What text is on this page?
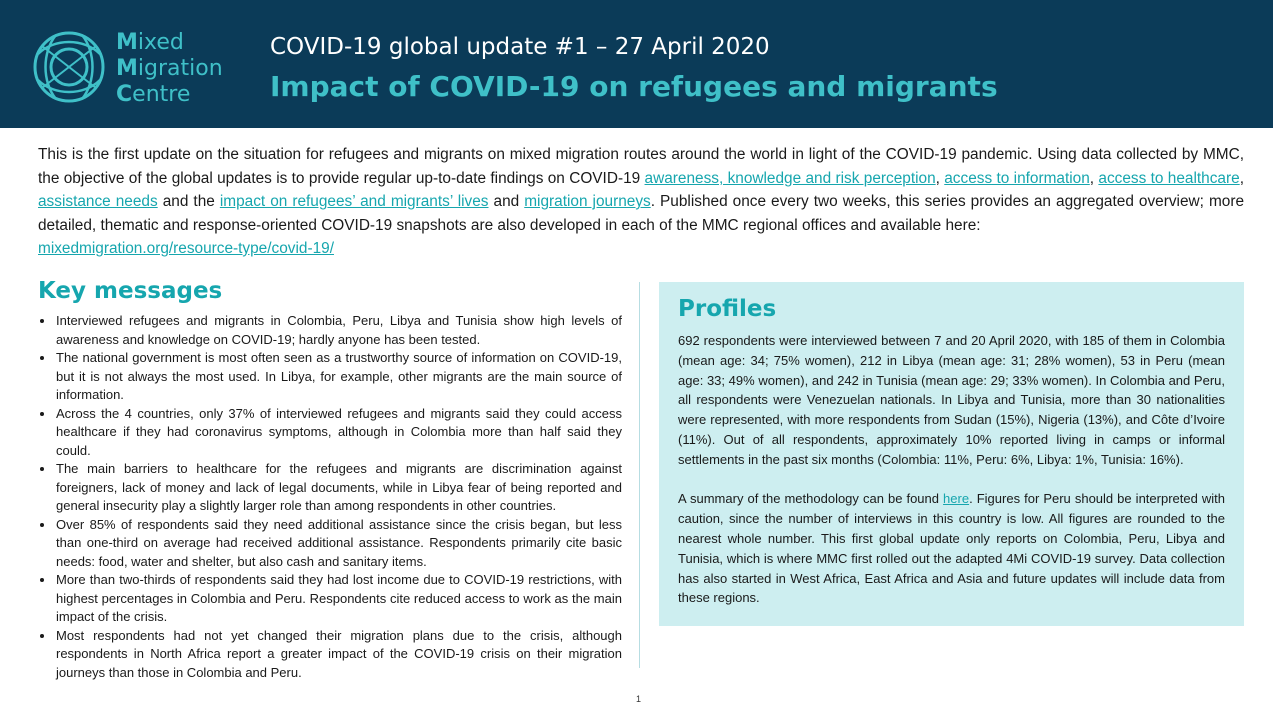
Mixed
Migration
Centre
COVID-19 global update #1 – 27 April 2020
Impact of COVID-19 on refugees and migrants
This is the first update on the situation for refugees and migrants on mixed migration routes around the world in light of the COVID-19 pandemic. Using data collected by MMC, the objective of the global updates is to provide regular up-to-date findings on COVID-19 awareness, knowledge and risk perception, access to information, access to healthcare, assistance needs and the impact on refugees’ and migrants’ lives and migration journeys. Published once every two weeks, this series provides an aggregated overview; more detailed, thematic and response-oriented COVID-19 snapshots are also developed in each of the MMC regional offices and available here:
mixedmigration.org/resource-type/covid-19/
Key messages
Interviewed refugees and migrants in Colombia, Peru, Libya and Tunisia show high levels of awareness and knowledge on COVID-19; hardly anyone has been tested.
The national government is most often seen as a trustworthy source of information on COVID-19, but it is not always the most used. In Libya, for example, other migrants are the main source of information.
Across the 4 countries, only 37% of interviewed refugees and migrants said they could access healthcare if they had coronavirus symptoms, although in Colombia more than half said they could.
The main barriers to healthcare for the refugees and migrants are discrimination against foreigners, lack of money and lack of legal documents, while in Libya fear of being reported and general insecurity play a slightly larger role than among respondents in other countries.
Over 85% of respondents said they need additional assistance since the crisis began, but less than one-third on average had received additional assistance. Respondents primarily cite basic needs: food, water and shelter, but also cash and sanitary items.
More than two-thirds of respondents said they had lost income due to COVID-19 restrictions, with highest percentages in Colombia and Peru. Respondents cite reduced access to work as the main impact of the crisis.
Most respondents had not yet changed their migration plans due to the crisis, although respondents in North Africa report a greater impact of the COVID-19 crisis on their migration journeys than those in Colombia and Peru.
Profiles

692 respondents were interviewed between 7 and 20 April 2020, with 185 of them in Colombia (mean age: 34; 75% women), 212 in Libya (mean age: 31; 28% women), 53 in Peru (mean age: 33; 49% women), and 242 in Tunisia (mean age: 29; 33% women). In Colombia and Peru, all respondents were Venezuelan nationals. In Libya and Tunisia, more than 30 nationalities were represented, with more respondents from Sudan (15%), Nigeria (13%), and Côte d’Ivoire (11%). Out of all respondents, approximately 10% reported living in camps or informal settlements in the past six months (Colombia: 11%, Peru: 6%, Libya: 1%, Tunisia: 16%).

A summary of the methodology can be found here. Figures for Peru should be interpreted with caution, since the number of interviews in this country is low. All figures are rounded to the nearest whole number. This first global update only reports on Colombia, Peru, Libya and Tunisia, which is where MMC first rolled out the adapted 4Mi COVID-19 survey. Data collection has also started in West Africa, East Africa and Asia and future updates will include data from these regions.

1
